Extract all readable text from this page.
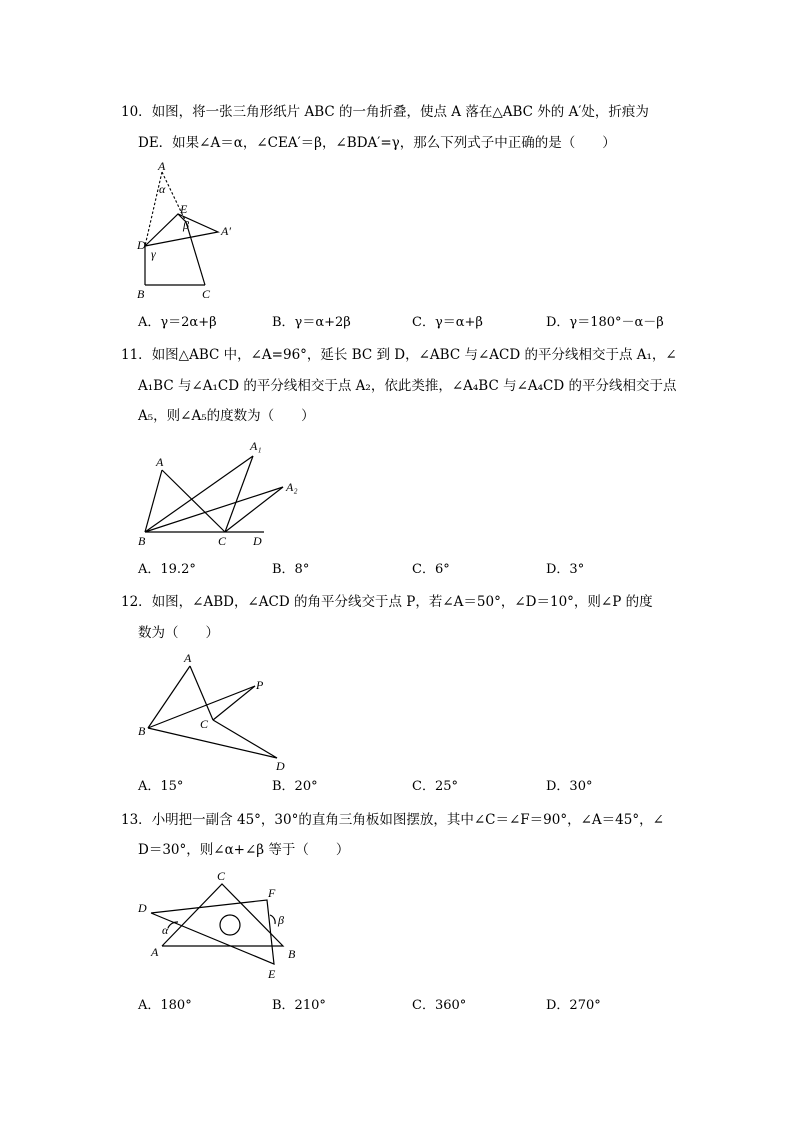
10．如图，将一张三角形纸片 ABC 的一角折叠，使点 A 落在△ABC 外的 A′处，折痕为
DE．如果∠A＝α，∠CEA′＝β，∠BDA′=γ，那么下列式子中正确的是（　　）
A
α
E
β	A′
D
γ
B	C
A．γ＝2α+β	B．γ＝α+2β	C．γ＝α+β	D．γ＝180°－α－β
11．如图△ABC 中，∠A=96°，延长 BC 到 D，∠ABC 与∠ACD 的平分线相交于点 A₁，∠
A₁BC 与∠A₁CD 的平分线相交于点 A₂，依此类推，∠A₄BC 与∠A₄CD 的平分线相交于点
A₅，则∠A₅的度数为（　　）
A
A₁
A₂
B	C D
A．19.2°	B．8°	C．6°	D．3°
12．如图，∠ABD，∠ACD 的角平分线交于点 P，若∠A＝50°，∠D＝10°，则∠P 的度
数为（　　）
A
P
B	C
D
A．15°	B．20°	C．25°	D．30°
13．小明把一副含 45°，30°的直角三角板如图摆放，其中∠C＝∠F＝90°，∠A＝45°，∠
D＝30°，则∠α+∠β 等于（　　）
C
F
D
β
α
A	B
E
A．180°	B．210°	C．360°	D．270°
